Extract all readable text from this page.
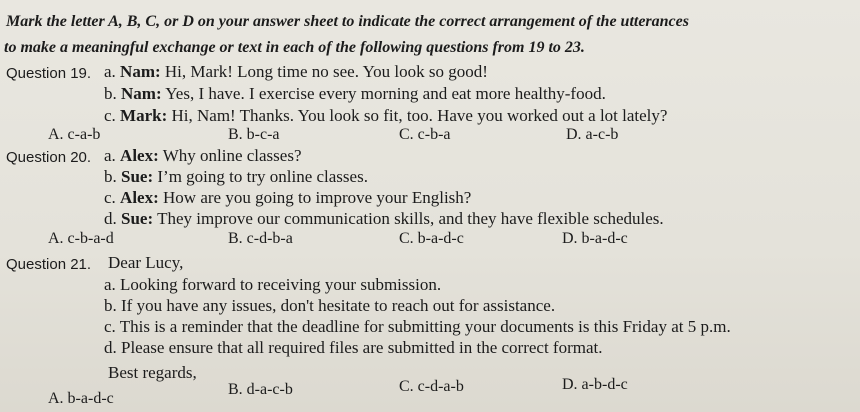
Mark the letter A, B, C, or D on your answer sheet to indicate the correct arrangement of the utterances
to make a meaningful exchange or text in each of the following questions from 19 to 23.
Question 19. a. Nam: Hi, Mark! Long time no see. You look so good!
b. Nam: Yes, I have. I exercise every morning and eat more healthy-food.
c. Mark: Hi, Nam! Thanks. You look so fit, too. Have you worked out a lot lately?
A. c-a-b	B. b-c-a	C. c-b-a	D. a-c-b
Question 20. a. Alex: Why online classes?
b. Sue: I’m going to try online classes.
c. Alex: How are you going to improve your English?
d. Sue: They improve our communication skills, and they have flexible schedules.
A. c-b-a-d	B. c-d-b-a	C. b-a-d-c	D. b-a-d-c
Question 21. Dear Lucy,
a. Looking forward to receiving your submission.
b. If you have any issues, don't hesitate to reach out for assistance.
c. This is a reminder that the deadline for submitting your documents is this Friday at 5 p.m.
d. Please ensure that all required files are submitted in the correct format.
Best regards,
A. b-a-d-c
B. d-a-c-b	C. c-d-a-b	D. a-b-d-c
